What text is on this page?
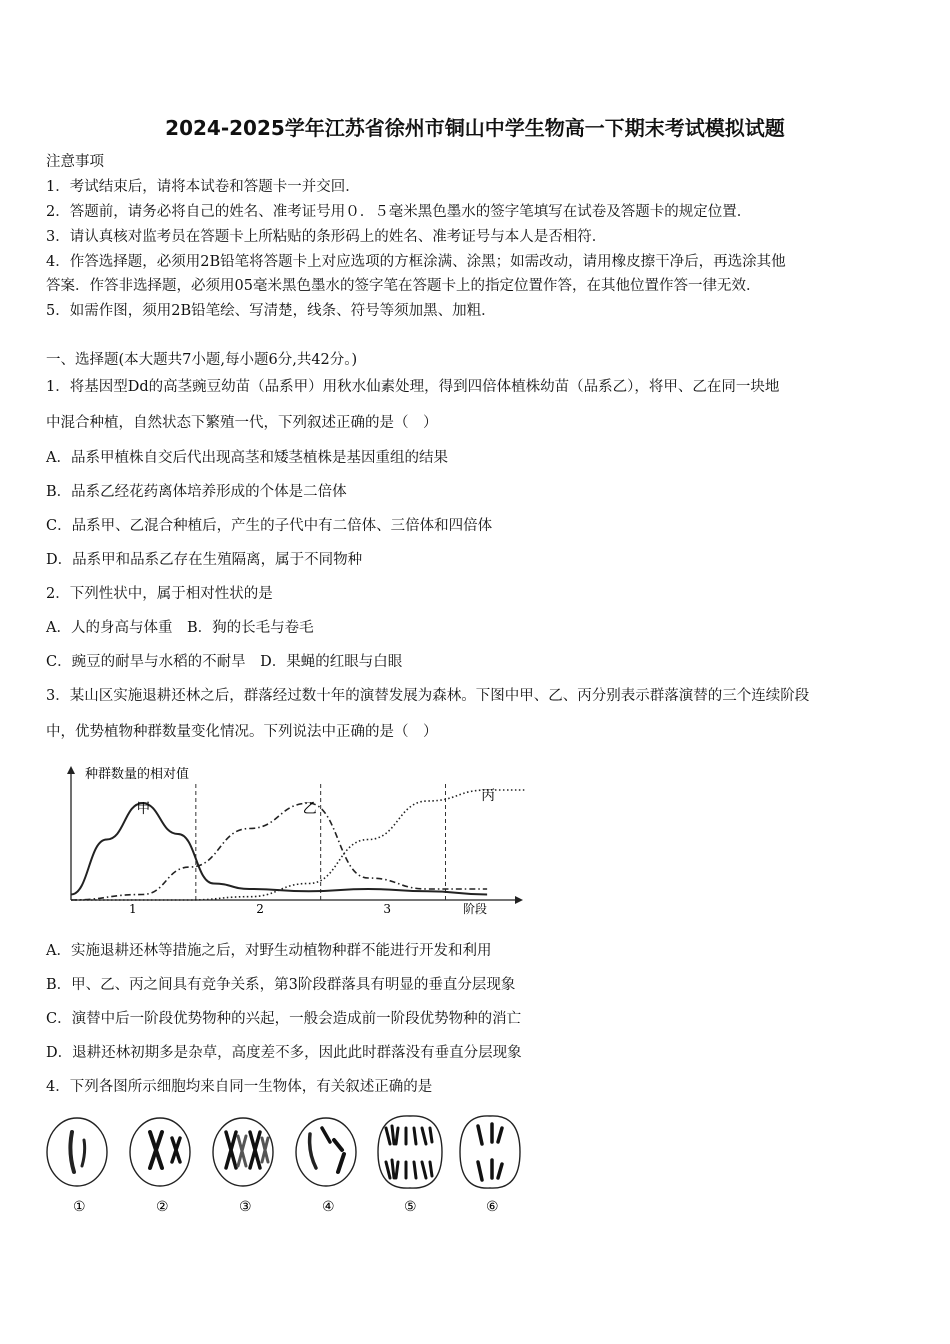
2024-2025学年江苏省徐州市铜山中学生物高一下期末考试模拟试题
注意事项
1．考试结束后，请将本试卷和答题卡一并交回．
2．答题前，请务必将自己的姓名、准考证号用０．５毫米黑色墨水的签字笔填写在试卷及答题卡的规定位置．
3．请认真核对监考员在答题卡上所粘贴的条形码上的姓名、准考证号与本人是否相符．
4．作答选择题，必须用2B铅笔将答题卡上对应选项的方框涂满、涂黑；如需改动，请用橡皮擦干净后，再选涂其他
答案．作答非选择题，必须用05毫米黑色墨水的签字笔在答题卡上的指定位置作答，在其他位置作答一律无效．
5．如需作图，须用2B铅笔绘、写清楚，线条、符号等须加黑、加粗．
一、选择题(本大题共7小题,每小题6分,共42分。)
1．将基因型Dd的高茎豌豆幼苗（品系甲）用秋水仙素处理，得到四倍体植株幼苗（品系乙），将甲、乙在同一块地
中混合种植，自然状态下繁殖一代，下列叙述正确的是（　）
A．品系甲植株自交后代出现高茎和矮茎植株是基因重组的结果
B．品系乙经花药离体培养形成的个体是二倍体
C．品系甲、乙混合种植后，产生的子代中有二倍体、三倍体和四倍体
D．品系甲和品系乙存在生殖隔离，属于不同物种
2．下列性状中，属于相对性状的是
A．人的身高与体重　B．狗的长毛与卷毛
C．豌豆的耐旱与水稻的不耐旱　D．果蝇的红眼与白眼
3．某山区实施退耕还林之后，群落经过数十年的演替发展为森林。下图中甲、乙、丙分别表示群落演替的三个连续阶段
中，优势植物种群数量变化情况。下列说法中正确的是（　）
种群数量的相对值
阶段
1	2	3
甲	乙
丙
A．实施退耕还林等措施之后，对野生动植物种群不能进行开发和利用
B．甲、乙、丙之间具有竞争关系，第3阶段群落具有明显的垂直分层现象
C．演替中后一阶段优势物种的兴起，一般会造成前一阶段优势物种的消亡
D．退耕还林初期多是杂草，高度差不多，因此此时群落没有垂直分层现象
4．下列各图所示细胞均来自同一生物体，有关叙述正确的是
①	②	③	④	⑤	⑥
